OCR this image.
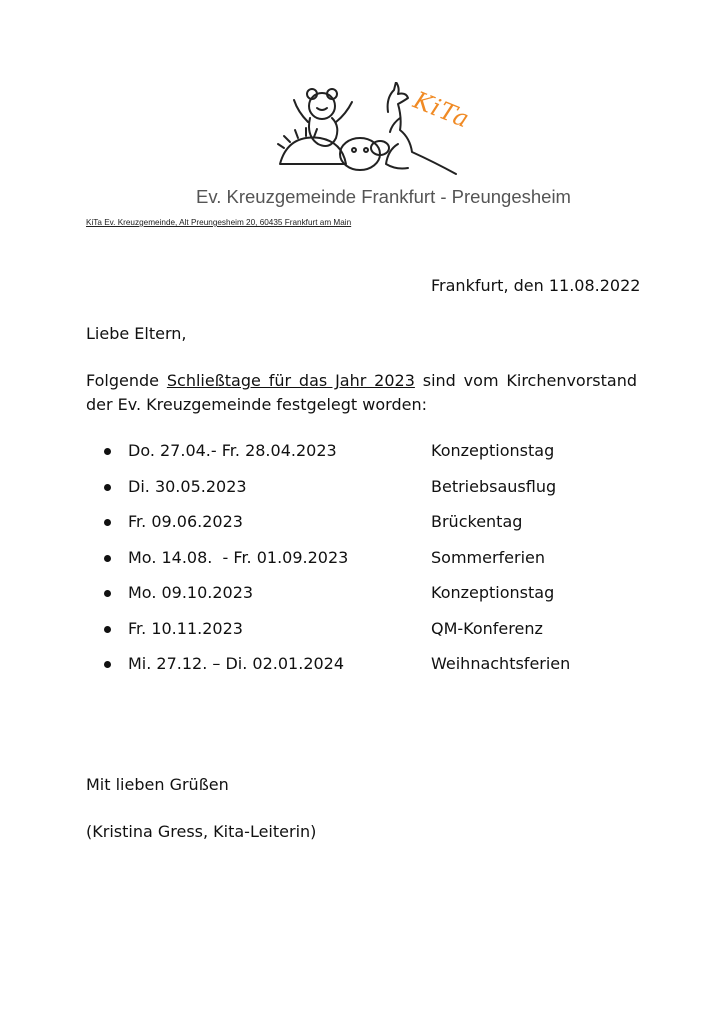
KiTa
Ev. Kreuzgemeinde Frankfurt - Preungesheim
KiTa Ev. Kreuzgemeinde, Alt Preungesheim 20, 60435 Frankfurt am Main
Frankfurt, den 11.08.2022
Liebe Eltern,
Folgende Schließtage für das Jahr 2023 sind vom Kirchenvorstand
der Ev. Kreuzgemeinde festgelegt worden:
Do. 27.04.- Fr. 28.04.2023	Konzeptionstag
Di. 30.05.2023	Betriebsausflug
Fr. 09.06.2023	Brückentag
Mo. 14.08.  - Fr. 01.09.2023	Sommerferien
Mo. 09.10.2023	Konzeptionstag
Fr. 10.11.2023	QM-Konferenz
Mi. 27.12. – Di. 02.01.2024	Weihnachtsferien
Mit lieben Grüßen
(Kristina Gress, Kita-Leiterin)
